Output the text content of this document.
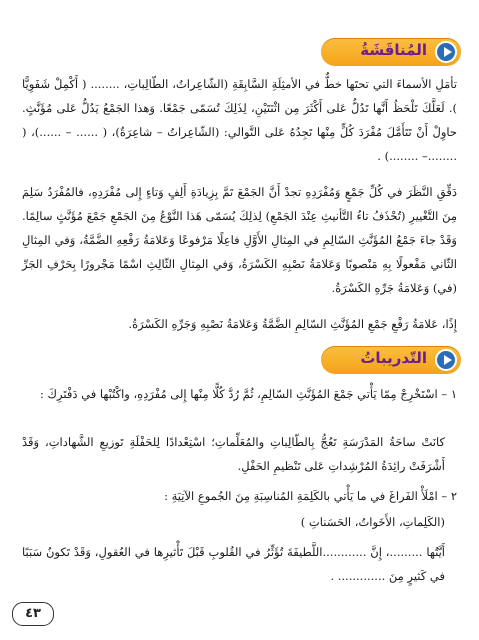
المُناقَشَةُ
تأمَلِ الأسماءَ التي تحتَها خطٌّ في الأمثِلَةِ السَّابِقَةِ (الشّاعِراتُ، الطّالِباتِ، ........ ( أَكْمِلْ شَفَوِيًّا ). لَعَلَّكَ تَلْحَظُ أَنَّها تَدُلُّ عَلى أَكْثَرَ مِن اثْنَتَيْنِ، لِذَلِكَ تُسَمّى جَمْعًا. وَهذا الجَمْعُ يَدُلُّ عَلى مُؤَنَّثٍ. حاوِلْ أَنْ تَتَأَمَّلَ مُفْرَدَ كُلٍّ مِنْها تَجِدُهُ عَلى التَّوالي: (الشّاعِراتُ – شاعِرَةٌ)، ( ...... – ......)، ( ........– ........) .
دَقِّقِ النَّظَرَ في كُلِّ جَمْعٍ وَمُفْرَدِهِ تجدْ أَنَّ الجَمْعَ تَمَّ بِزِيادَةِ أَلِفٍ وَتاءٍ إِلى مُفْرَدِهِ، فالمُفْرَدُ سَلِمَ مِنَ التَّغْييرِ (تُحْذَفُ تاءُ التَّأنيثِ عِنْدَ الجَمْعِ) لِذلِكَ يُسَمّى هَذا النَّوْعُ مِنَ الجَمْعِ جَمْعَ مُؤَنَّثٍ سالِمًا. وَقَدْ جاءَ جَمْعُ المُؤَنَّثِ السّالِمِ في المِثالِ الأَوَّلِ فاعِلًا مَرْفوعًا وَعَلامَةُ رَفْعِهِ الضَّمَّةُ، وَفي المِثالِ الثّاني مَفْعولًا بِهِ مَنْصوبًا وَعَلامَةُ نَصْبِهِ الكَسْرَةُ، وَفي المِثالِ الثّالِثِ اسْمًا مَجْرورًا بِحَرْفِ الجَرِّ (في) وَعَلامَةُ جَرِّهِ الكَسْرَةُ.
إِذًا، عَلامَةُ رَفْعِ جَمْعِ المُؤَنَّثِ السّالِمِ الضَّمَّةُ وَعَلامَةُ نَصْبِهِ وَجَرِّهِ الكَسْرَةُ.
التّدريباتُ
١ – اسْتَخْرِجْ مِمّا يَأْتي جَمْعَ المُؤَنَّثِ السّالِمِ، ثُمَّ رُدَّ كُلًّا مِنْها إِلى مُفْرَدِهِ، واكْتُبْها في دَفْتَرِكَ :
كانَتْ ساحَةُ المَدْرَسَةِ تَعُجُّ بِالطّالِباتِ والمُعَلِّماتِ؛ اسْتِعْدادًا لِلحَفْلَةِ تَوزيعِ الشَّهاداتِ، وَقَدْ أَشْرَفَتْ رائِدَةُ المُرْشِداتِ عَلى تَنْظيمِ الحَفْلِ.
٢ – امْلَأْ الفَراغَ في ما يَأْتي بالكَلِمَةِ المُناسِبَةِ مِنَ الجُموعِ الآتِيَةِ :
(الكَلِماتِ، الأَخَواتُ، الحَسَناتِ )
أَيَّتُها .........، إِنَّ ............اللَّطيفَةَ تُؤَثِّرُ في القُلوبِ قَبْلَ تَأْثيرِها في العُقولِ، وَقَدْ تَكونُ سَبَبًا في كَثيرٍ مِنَ ............. .
٤٣
